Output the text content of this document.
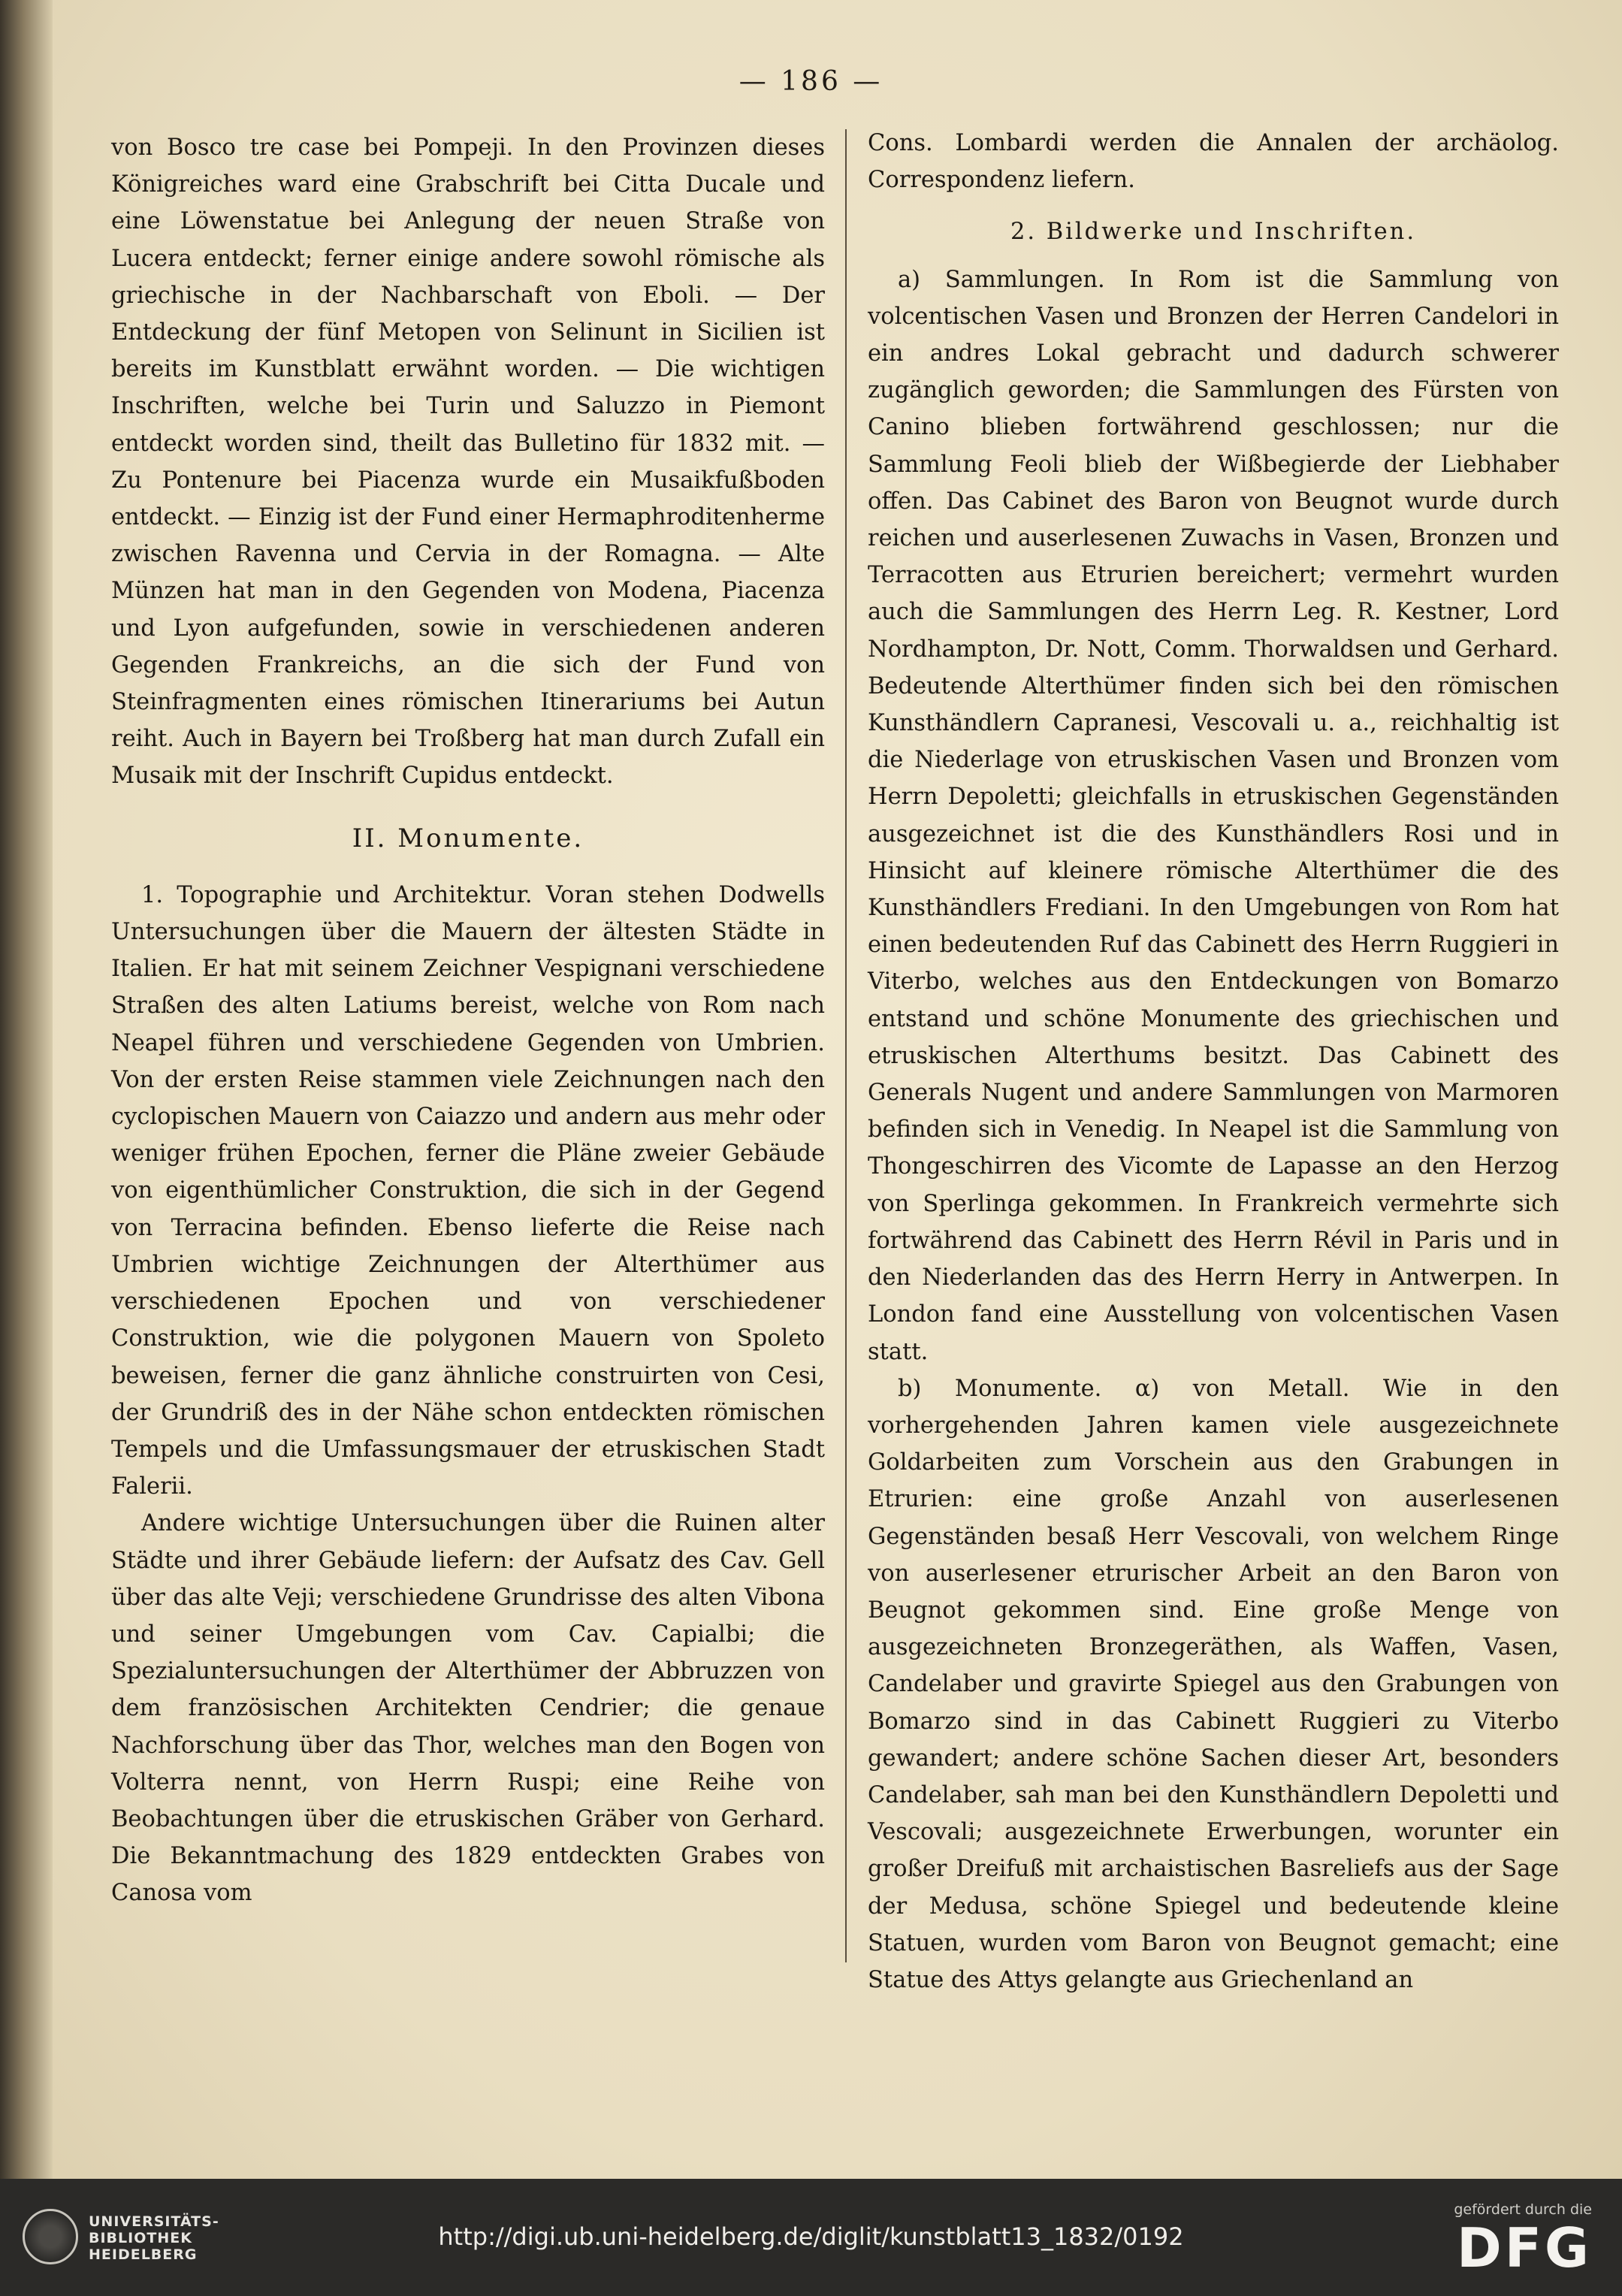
— 186 —

von Bosco tre case bei Pompeji. In den Provinzen dieses Königreiches ward eine Grabschrift bei Citta Ducale und eine Löwenstatue bei Anlegung der neuen Straße von Lucera entdeckt; ferner einige andere sowohl römische als griechische in der Nachbarschaft von Eboli. — Der Entdeckung der fünf Metopen von Selinunt in Sicilien ist bereits im Kunstblatt erwähnt worden. — Die wichtigen Inschriften, welche bei Turin und Saluzzo in Piemont entdeckt worden sind, theilt das Bulletino für 1832 mit. — Zu Pontenure bei Piacenza wurde ein Musaikfußboden entdeckt. — Einzig ist der Fund einer Hermaphroditenherme zwischen Ravenna und Cervia in der Romagna. — Alte Münzen hat man in den Gegenden von Modena, Piacenza und Lyon aufgefunden, sowie in verschiedenen anderen Gegenden Frankreichs, an die sich der Fund von Steinfragmenten eines römischen Itinerariums bei Autun reiht. Auch in Bayern bei Troßberg hat man durch Zufall ein Musaik mit der Inschrift Cupidus entdeckt.

II. Monumente.

1. Topographie und Architektur. Voran stehen Dodwells Untersuchungen über die Mauern der ältesten Städte in Italien. Er hat mit seinem Zeichner Vespignani verschiedene Straßen des alten Latiums bereist, welche von Rom nach Neapel führen und verschiedene Gegenden von Umbrien. Von der ersten Reise stammen viele Zeichnungen nach den cyclopischen Mauern von Caiazzo und andern aus mehr oder weniger frühen Epochen, ferner die Pläne zweier Gebäude von eigenthümlicher Construktion, die sich in der Gegend von Terracina befinden. Ebenso lieferte die Reise nach Umbrien wichtige Zeichnungen der Alterthümer aus verschiedenen Epochen und von verschiedener Construktion, wie die polygonen Mauern von Spoleto beweisen, ferner die ganz ähnliche construirten von Cesi, der Grundriß des in der Nähe schon entdeckten römischen Tempels und die Umfassungsmauer der etruskischen Stadt Falerii.

Andere wichtige Untersuchungen über die Ruinen alter Städte und ihrer Gebäude liefern: der Aufsatz des Cav. Gell über das alte Veji; verschiedene Grundrisse des alten Vibona und seiner Umgebungen vom Cav. Capialbi; die Spezialuntersuchungen der Alterthümer der Abbruzzen von dem französischen Architekten Cendrier; die genaue Nachforschung über das Thor, welches man den Bogen von Volterra nennt, von Herrn Ruspi; eine Reihe von Beobachtungen über die etruskischen Gräber von Gerhard. Die Bekanntmachung des 1829 entdeckten Grabes von Canosa vom

Cons. Lombardi werden die Annalen der archäolog. Correspondenz liefern.

2. Bildwerke und Inschriften.

a) Sammlungen. In Rom ist die Sammlung von volcentischen Vasen und Bronzen der Herren Candelori in ein andres Lokal gebracht und dadurch schwerer zugänglich geworden; die Sammlungen des Fürsten von Canino blieben fortwährend geschlossen; nur die Sammlung Feoli blieb der Wißbegierde der Liebhaber offen. Das Cabinet des Baron von Beugnot wurde durch reichen und auserlesenen Zuwachs in Vasen, Bronzen und Terracotten aus Etrurien bereichert; vermehrt wurden auch die Sammlungen des Herrn Leg. R. Kestner, Lord Nordhampton, Dr. Nott, Comm. Thorwaldsen und Gerhard. Bedeutende Alterthümer finden sich bei den römischen Kunsthändlern Capranesi, Vescovali u. a., reichhaltig ist die Niederlage von etruskischen Vasen und Bronzen vom Herrn Depoletti; gleichfalls in etruskischen Gegenständen ausgezeichnet ist die des Kunsthändlers Rosi und in Hinsicht auf kleinere römische Alterthümer die des Kunsthändlers Frediani. In den Umgebungen von Rom hat einen bedeutenden Ruf das Cabinett des Herrn Ruggieri in Viterbo, welches aus den Entdeckungen von Bomarzo entstand und schöne Monumente des griechischen und etruskischen Alterthums besitzt. Das Cabinett des Generals Nugent und andere Sammlungen von Marmoren befinden sich in Venedig. In Neapel ist die Sammlung von Thongeschirren des Vicomte de Lapasse an den Herzog von Sperlinga gekommen. In Frankreich vermehrte sich fortwährend das Cabinett des Herrn Révil in Paris und in den Niederlanden das des Herrn Herry in Antwerpen. In London fand eine Ausstellung von volcentischen Vasen statt.

b) Monumente. α) von Metall. Wie in den vorhergehenden Jahren kamen viele ausgezeichnete Goldarbeiten zum Vorschein aus den Grabungen in Etrurien: eine große Anzahl von auserlesenen Gegenständen besaß Herr Vescovali, von welchem Ringe von auserlesener etrurischer Arbeit an den Baron von Beugnot gekommen sind. Eine große Menge von ausgezeichneten Bronzegeräthen, als Waffen, Vasen, Candelaber und gravirte Spiegel aus den Grabungen von Bomarzo sind in das Cabinett Ruggieri zu Viterbo gewandert; andere schöne Sachen dieser Art, besonders Candelaber, sah man bei den Kunsthändlern Depoletti und Vescovali; ausgezeichnete Erwerbungen, worunter ein großer Dreifuß mit archaistischen Basreliefs aus der Sage der Medusa, schöne Spiegel und bedeutende kleine Statuen, wurden vom Baron von Beugnot gemacht; eine Statue des Attys gelangte aus Griechenland an

UNIVERSITÄTS-
BIBLIOTHEK
HEIDELBERG
http://digi.ub.uni-heidelberg.de/diglit/kunstblatt13_1832/0192
gefördert durch die
DFG
